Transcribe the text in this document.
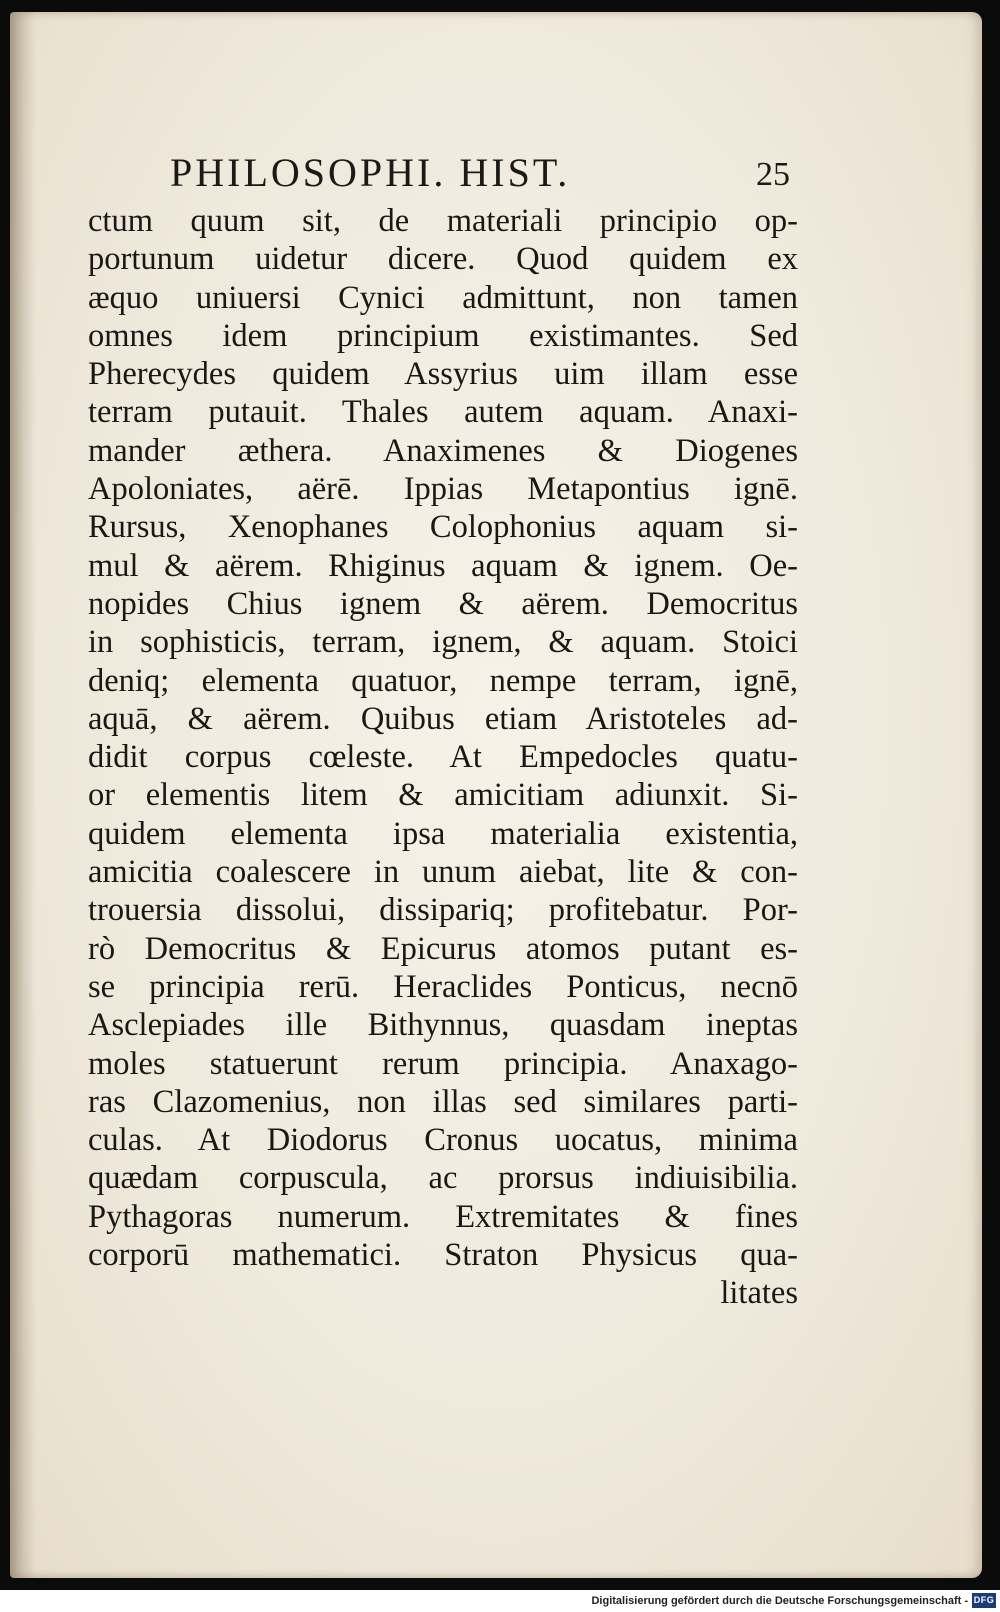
PHILOSOPHI. HIST.	25
ctum quum sit, de materiali principio op-
portunum uidetur dicere. Quod quidem ex
æquo uniuersi Cynici admittunt, non tamen
omnes idem principium existimantes. Sed
Pherecydes quidem Assyrius uim illam esse
terram putauit. Thales autem aquam. Anaxi-
mander æthera. Anaximenes & Diogenes
Apoloniates, aërē. Ippias Metapontius ignē.
Rursus, Xenophanes Colophonius aquam si-
mul & aërem. Rhiginus aquam & ignem. Oe-
nopides Chius ignem & aërem. Democritus
in sophisticis, terram, ignem, & aquam. Stoici
deniq; elementa quatuor, nempe terram, ignē,
aquā, & aërem. Quibus etiam Aristoteles ad-
didit corpus cœleste. At Empedocles quatu-
or elementis litem & amicitiam adiunxit. Si-
quidem elementa ipsa materialia existentia,
amicitia coalescere in unum aiebat, lite & con-
trouersia dissolui, dissipariq; profitebatur. Por-
rò Democritus & Epicurus atomos putant es-
se principia rerū. Heraclides Ponticus, necnō
Asclepiades ille Bithynnus, quasdam ineptas
moles statuerunt rerum principia. Anaxago-
ras Clazomenius, non illas sed similares parti-
culas. At Diodorus Cronus uocatus, minima
quædam corpuscula, ac prorsus indiuisibilia.
Pythagoras numerum. Extremitates & fines
corporū mathematici. Straton Physicus qua-
litates
Digitalisierung gefördert durch die Deutsche Forschungsgemeinschaft - DFG
